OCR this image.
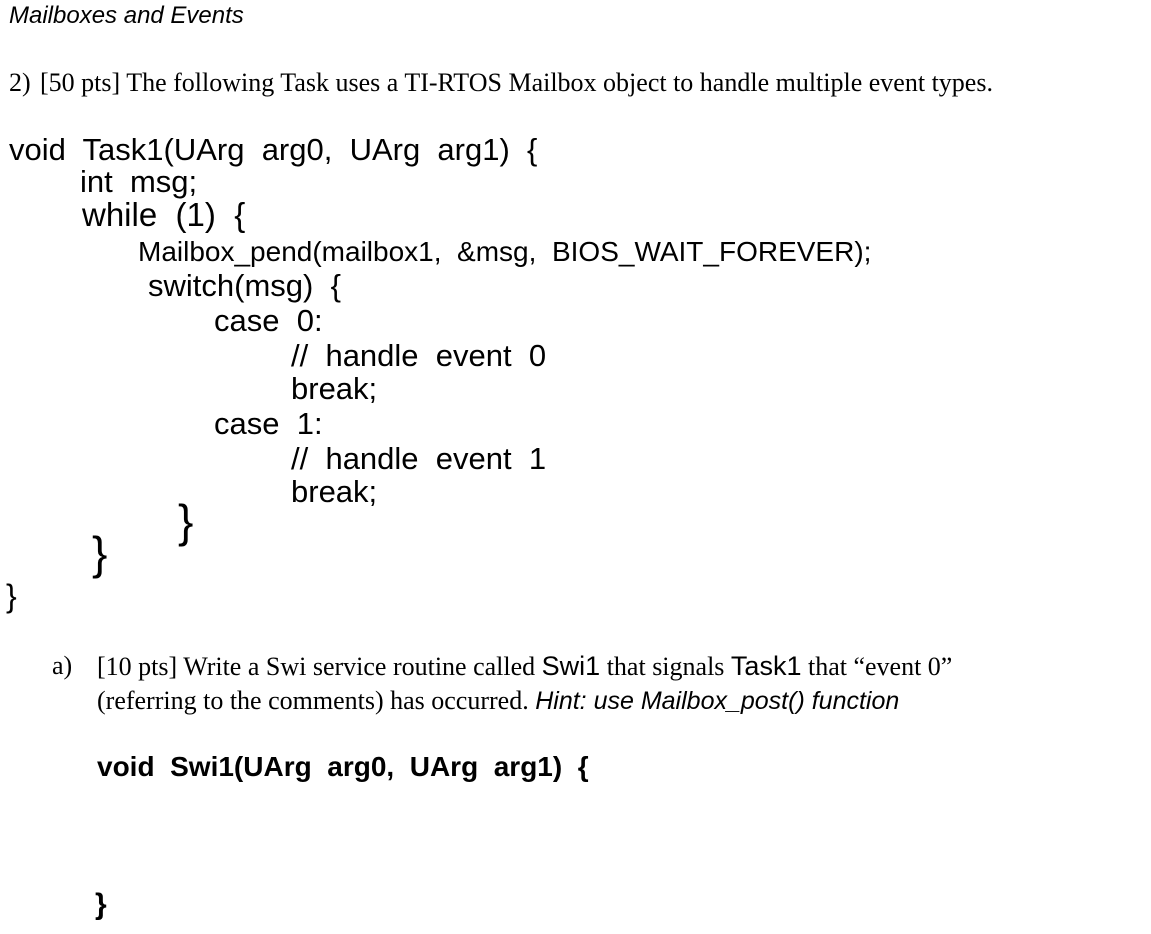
Mailboxes and Events
2) [50 pts] The following Task uses a TI-RTOS Mailbox object to handle multiple event types.
void  Task1(UArg  arg0,  UArg  arg1)  {
int  msg;
while  (1)  {
Mailbox_pend(mailbox1,  &msg,  BIOS_WAIT_FOREVER);
switch(msg)  {
case  0:
//  handle  event  0
break;
case  1:
//  handle  event  1
break;
}
}
}
a) [10 pts] Write a Swi service routine called Swi1 that signals Task1 that “event 0”
(referring to the comments) has occurred. Hint: use Mailbox_post() function
void  Swi1(UArg  arg0,  UArg  arg1)  {
}
